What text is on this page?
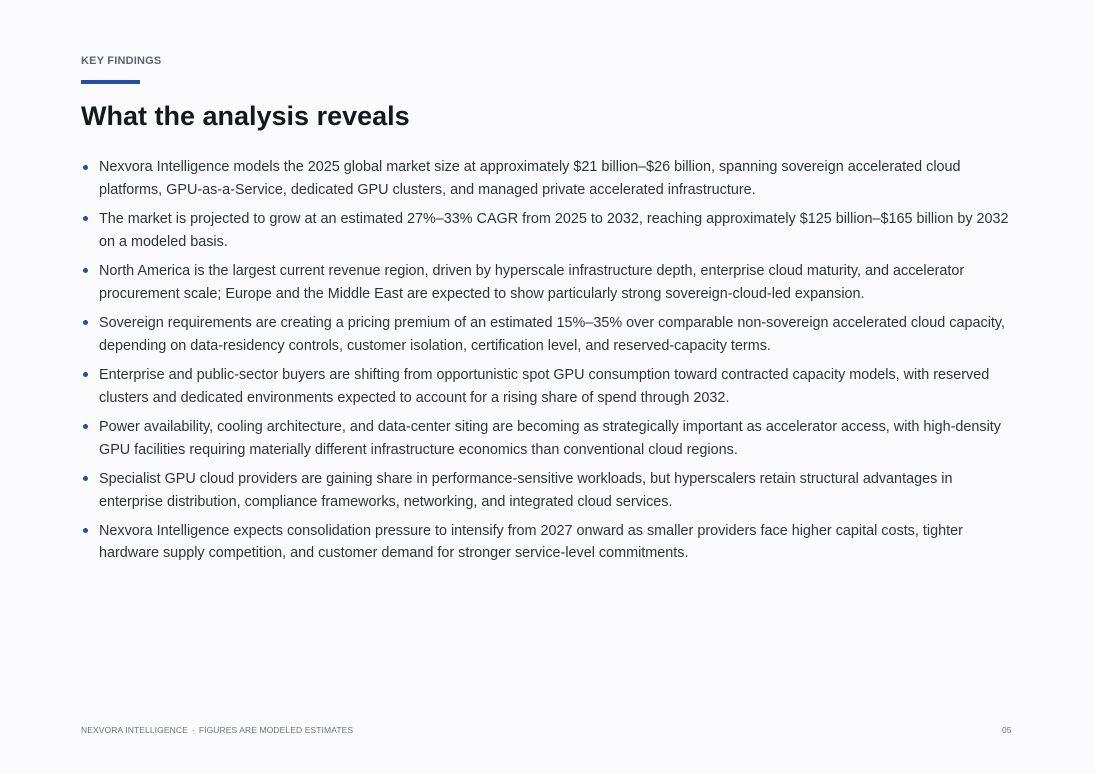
KEY FINDINGS
What the analysis reveals
Nexvora Intelligence models the 2025 global market size at approximately $21 billion–$26 billion, spanning sovereign accelerated cloud platforms, GPU-as-a-Service, dedicated GPU clusters, and managed private accelerated infrastructure.
The market is projected to grow at an estimated 27%–33% CAGR from 2025 to 2032, reaching approximately $125 billion–$165 billion by 2032 on a modeled basis.
North America is the largest current revenue region, driven by hyperscale infrastructure depth, enterprise cloud maturity, and accelerator procurement scale; Europe and the Middle East are expected to show particularly strong sovereign-cloud-led expansion.
Sovereign requirements are creating a pricing premium of an estimated 15%–35% over comparable non-sovereign accelerated cloud capacity, depending on data-residency controls, customer isolation, certification level, and reserved-capacity terms.
Enterprise and public-sector buyers are shifting from opportunistic spot GPU consumption toward contracted capacity models, with reserved clusters and dedicated environments expected to account for a rising share of spend through 2032.
Power availability, cooling architecture, and data-center siting are becoming as strategically important as accelerator access, with high-density GPU facilities requiring materially different infrastructure economics than conventional cloud regions.
Specialist GPU cloud providers are gaining share in performance-sensitive workloads, but hyperscalers retain structural advantages in enterprise distribution, compliance frameworks, networking, and integrated cloud services.
Nexvora Intelligence expects consolidation pressure to intensify from 2027 onward as smaller providers face higher capital costs, tighter hardware supply competition, and customer demand for stronger service-level commitments.
NEXVORA INTELLIGENCE · FIGURES ARE MODELED ESTIMATES	05
